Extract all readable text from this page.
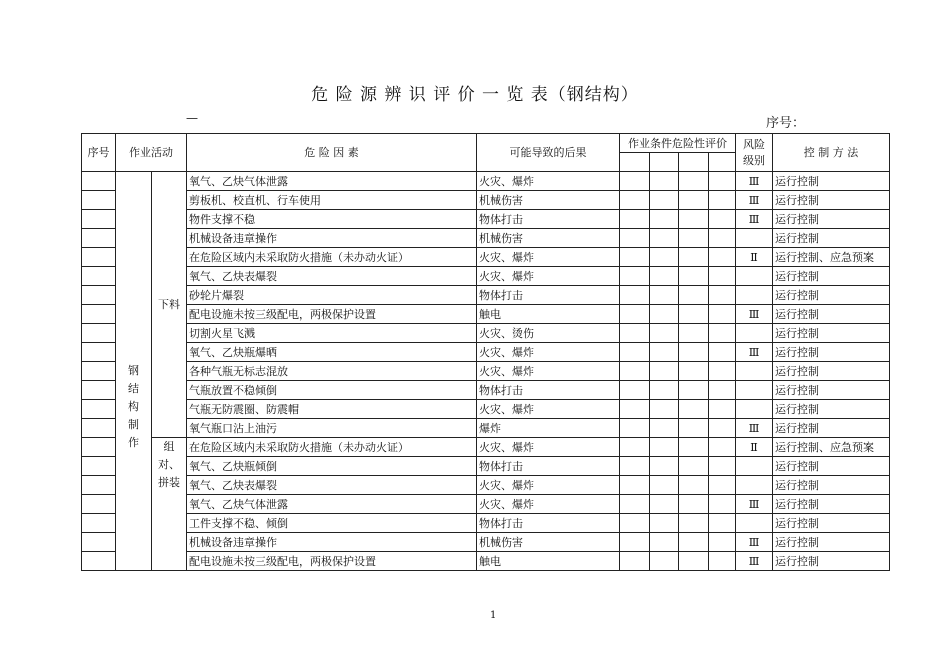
危 险 源 辨 识 评 价 一 览 表（钢结构）
—	序号：
序号	作业活动		危 险 因 素	可能导致的后果	作业条件危险性评价				风险级别	控 制 方 法

	钢结构制作	下料	氧气、乙炔气体泄露	火灾、爆炸					Ⅲ	运行控制
			剪板机、校直机、行车使用	机械伤害					Ⅲ	运行控制
			物件支撑不稳	物体打击					Ⅲ	运行控制
			机械设备违章操作	机械伤害						运行控制
			在危险区域内未采取防火措施（未办动火证）	火灾、爆炸					Ⅱ	运行控制、应急预案
			氧气、乙炔表爆裂	火灾、爆炸						运行控制
			砂轮片爆裂	物体打击						运行控制
			配电设施未按三级配电，两极保护设置	触电					Ⅲ	运行控制
			切割火星飞溅	火灾、烫伤						运行控制
			氧气、乙炔瓶爆晒	火灾、爆炸					Ⅲ	运行控制
			各种气瓶无标志混放	火灾、爆炸						运行控制
			气瓶放置不稳倾倒	物体打击						运行控制
			气瓶无防震圈、防震帽	火灾、爆炸						运行控制
			氧气瓶口沾上油污	爆炸					Ⅲ	运行控制
		组对、拼装	在危险区域内未采取防火措施（未办动火证）	火灾、爆炸					Ⅱ	运行控制、应急预案
			氧气、乙炔瓶倾倒	物体打击						运行控制
			氧气、乙炔表爆裂	火灾、爆炸						运行控制
			氧气、乙炔气体泄露	火灾、爆炸					Ⅲ	运行控制
			工件支撑不稳、倾倒	物体打击						运行控制
			机械设备违章操作	机械伤害					Ⅲ	运行控制
			配电设施未按三级配电，两极保护设置	触电					Ⅲ	运行控制
1
